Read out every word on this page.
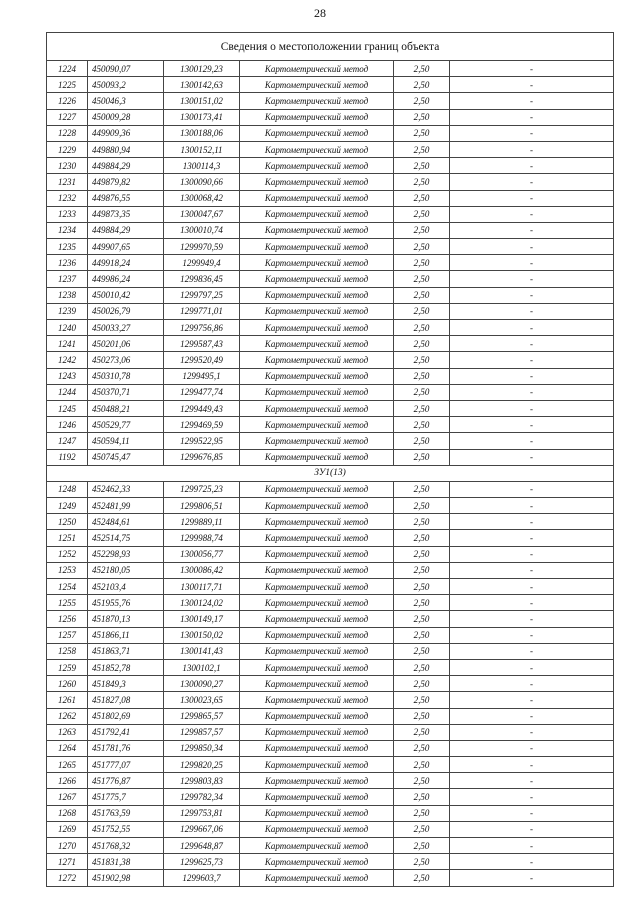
28
Сведения о местоположении границ объекта					
1224	450090,07	1300129,23	Картометрический метод	2,50	-
1225	450093,2	1300142,63	Картометрический метод	2,50	-
1226	450046,3	1300151,02	Картометрический метод	2,50	-
1227	450009,28	1300173,41	Картометрический метод	2,50	-
1228	449909,36	1300188,06	Картометрический метод	2,50	-
1229	449880,94	1300152,11	Картометрический метод	2,50	-
1230	449884,29	1300114,3	Картометрический метод	2,50	-
1231	449879,82	1300090,66	Картометрический метод	2,50	-
1232	449876,55	1300068,42	Картометрический метод	2,50	-
1233	449873,35	1300047,67	Картометрический метод	2,50	-
1234	449884,29	1300010,74	Картометрический метод	2,50	-
1235	449907,65	1299970,59	Картометрический метод	2,50	-
1236	449918,24	1299949,4	Картометрический метод	2,50	-
1237	449986,24	1299836,45	Картометрический метод	2,50	-
1238	450010,42	1299797,25	Картометрический метод	2,50	-
1239	450026,79	1299771,01	Картометрический метод	2,50	-
1240	450033,27	1299756,86	Картометрический метод	2,50	-
1241	450201,06	1299587,43	Картометрический метод	2,50	-
1242	450273,06	1299520,49	Картометрический метод	2,50	-
1243	450310,78	1299495,1	Картометрический метод	2,50	-
1244	450370,71	1299477,74	Картометрический метод	2,50	-
1245	450488,21	1299449,43	Картометрический метод	2,50	-
1246	450529,77	1299469,59	Картометрический метод	2,50	-
1247	450594,11	1299522,95	Картометрический метод	2,50	-
1192	450745,47	1299676,85	Картометрический метод	2,50	-
ЗУ1(13)					
1248	452462,33	1299725,23	Картометрический метод	2,50	-
1249	452481,99	1299806,51	Картометрический метод	2,50	-
1250	452484,61	1299889,11	Картометрический метод	2,50	-
1251	452514,75	1299988,74	Картометрический метод	2,50	-
1252	452298,93	1300056,77	Картометрический метод	2,50	-
1253	452180,05	1300086,42	Картометрический метод	2,50	-
1254	452103,4	1300117,71	Картометрический метод	2,50	-
1255	451955,76	1300124,02	Картометрический метод	2,50	-
1256	451870,13	1300149,17	Картометрический метод	2,50	-
1257	451866,11	1300150,02	Картометрический метод	2,50	-
1258	451863,71	1300141,43	Картометрический метод	2,50	-
1259	451852,78	1300102,1	Картометрический метод	2,50	-
1260	451849,3	1300090,27	Картометрический метод	2,50	-
1261	451827,08	1300023,65	Картометрический метод	2,50	-
1262	451802,69	1299865,57	Картометрический метод	2,50	-
1263	451792,41	1299857,57	Картометрический метод	2,50	-
1264	451781,76	1299850,34	Картометрический метод	2,50	-
1265	451777,07	1299820,25	Картометрический метод	2,50	-
1266	451776,87	1299803,83	Картометрический метод	2,50	-
1267	451775,7	1299782,34	Картометрический метод	2,50	-
1268	451763,59	1299753,81	Картометрический метод	2,50	-
1269	451752,55	1299667,06	Картометрический метод	2,50	-
1270	451768,32	1299648,87	Картометрический метод	2,50	-
1271	451831,38	1299625,73	Картометрический метод	2,50	-
1272	451902,98	1299603,7	Картометрический метод	2,50	-
